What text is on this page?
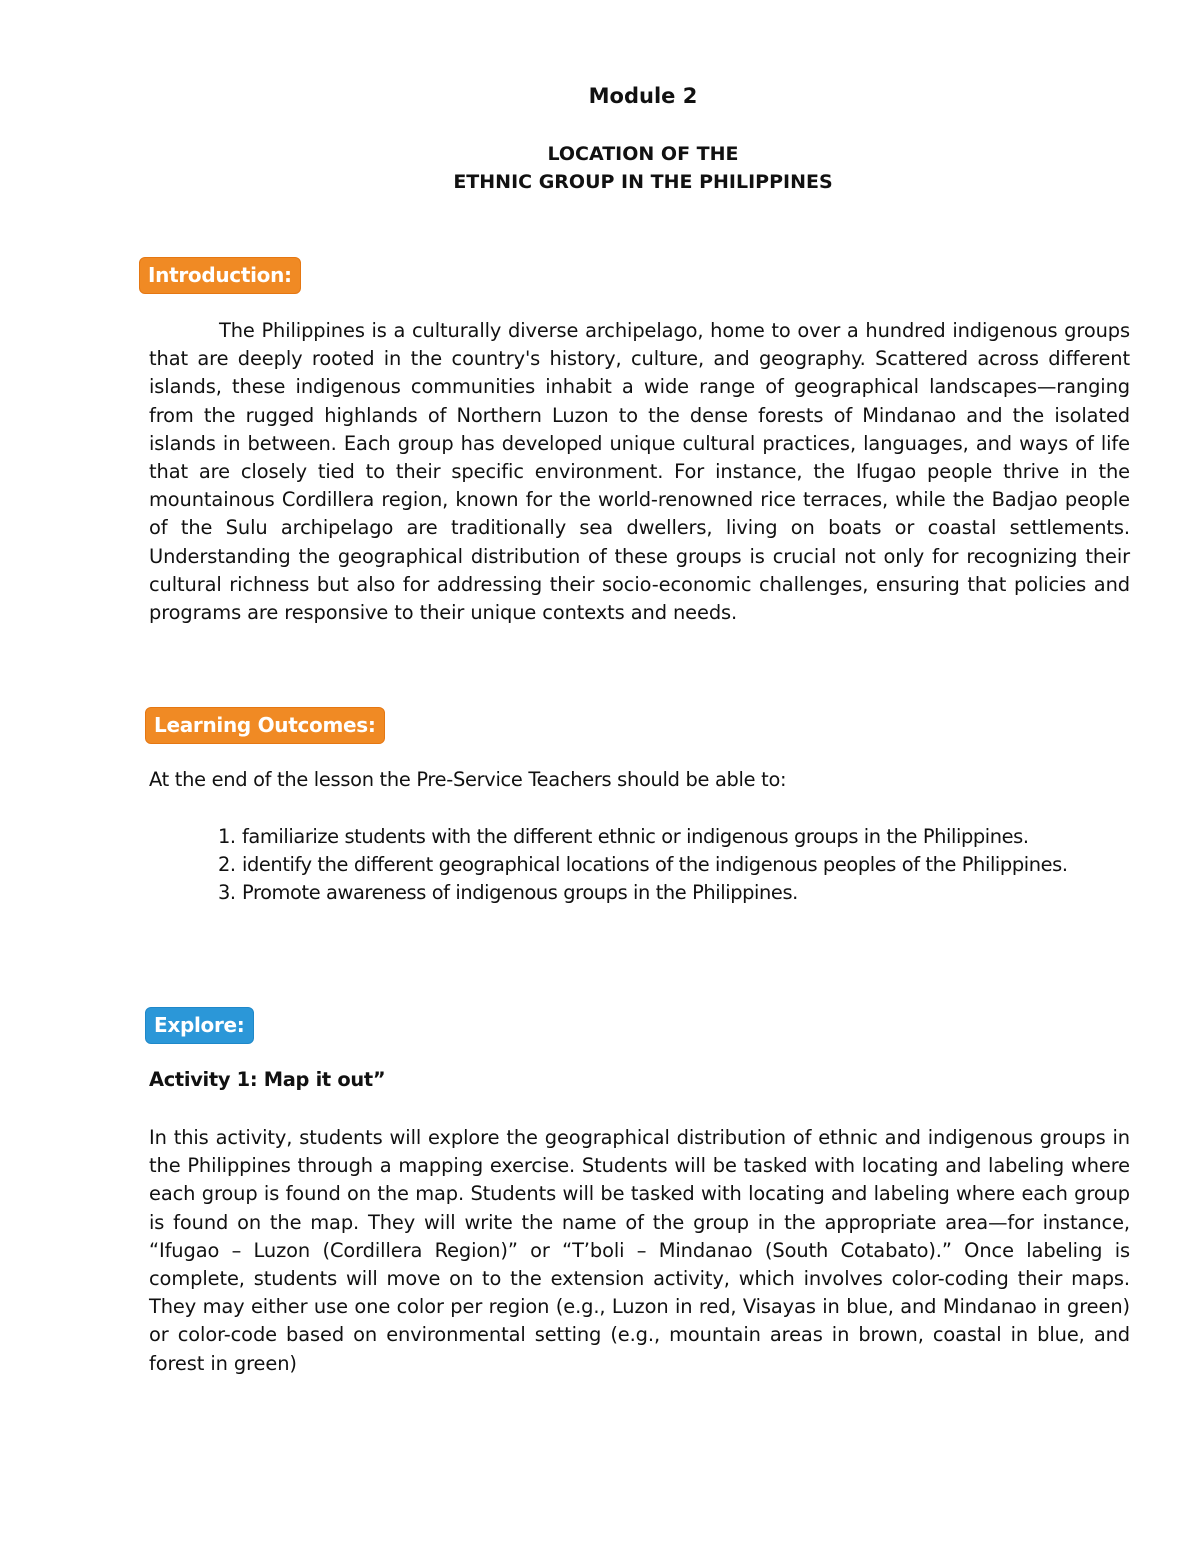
Module 2
LOCATION OF THE
ETHNIC GROUP IN THE PHILIPPINES
Introduction:
The Philippines is a culturally diverse archipelago, home to over a hundred indigenous groups that are deeply rooted in the country's history, culture, and geography. Scattered across different islands, these indigenous communities inhabit a wide range of geographical landscapes—ranging from the rugged highlands of Northern Luzon to the dense forests of Mindanao and the isolated islands in between. Each group has developed unique cultural practices, languages, and ways of life that are closely tied to their specific environment. For instance, the Ifugao people thrive in the mountainous Cordillera region, known for the world-renowned rice terraces, while the Badjao people of the Sulu archipelago are traditionally sea dwellers, living on boats or coastal settlements. Understanding the geographical distribution of these groups is crucial not only for recognizing their cultural richness but also for addressing their socio-economic challenges, ensuring that policies and programs are responsive to their unique contexts and needs.
Learning Outcomes:
At the end of the lesson the Pre-Service Teachers should be able to:
1. familiarize students with the different ethnic or indigenous groups in the Philippines.
2. identify the different geographical locations of the indigenous peoples of the Philippines.
3. Promote awareness of indigenous groups in the Philippines.
Explore:
Activity 1: Map it out”
In this activity, students will explore the geographical distribution of ethnic and indigenous groups in the Philippines through a mapping exercise. Students will be tasked with locating and labeling where each group is found on the map. Students will be tasked with locating and labeling where each group is found on the map. They will write the name of the group in the appropriate area—for instance, “Ifugao – Luzon (Cordillera Region)” or “T’boli – Mindanao (South Cotabato).” Once labeling is complete, students will move on to the extension activity, which involves color-coding their maps. They may either use one color per region (e.g., Luzon in red, Visayas in blue, and Mindanao in green) or color-code based on environmental setting (e.g., mountain areas in brown, coastal in blue, and forest in green)
